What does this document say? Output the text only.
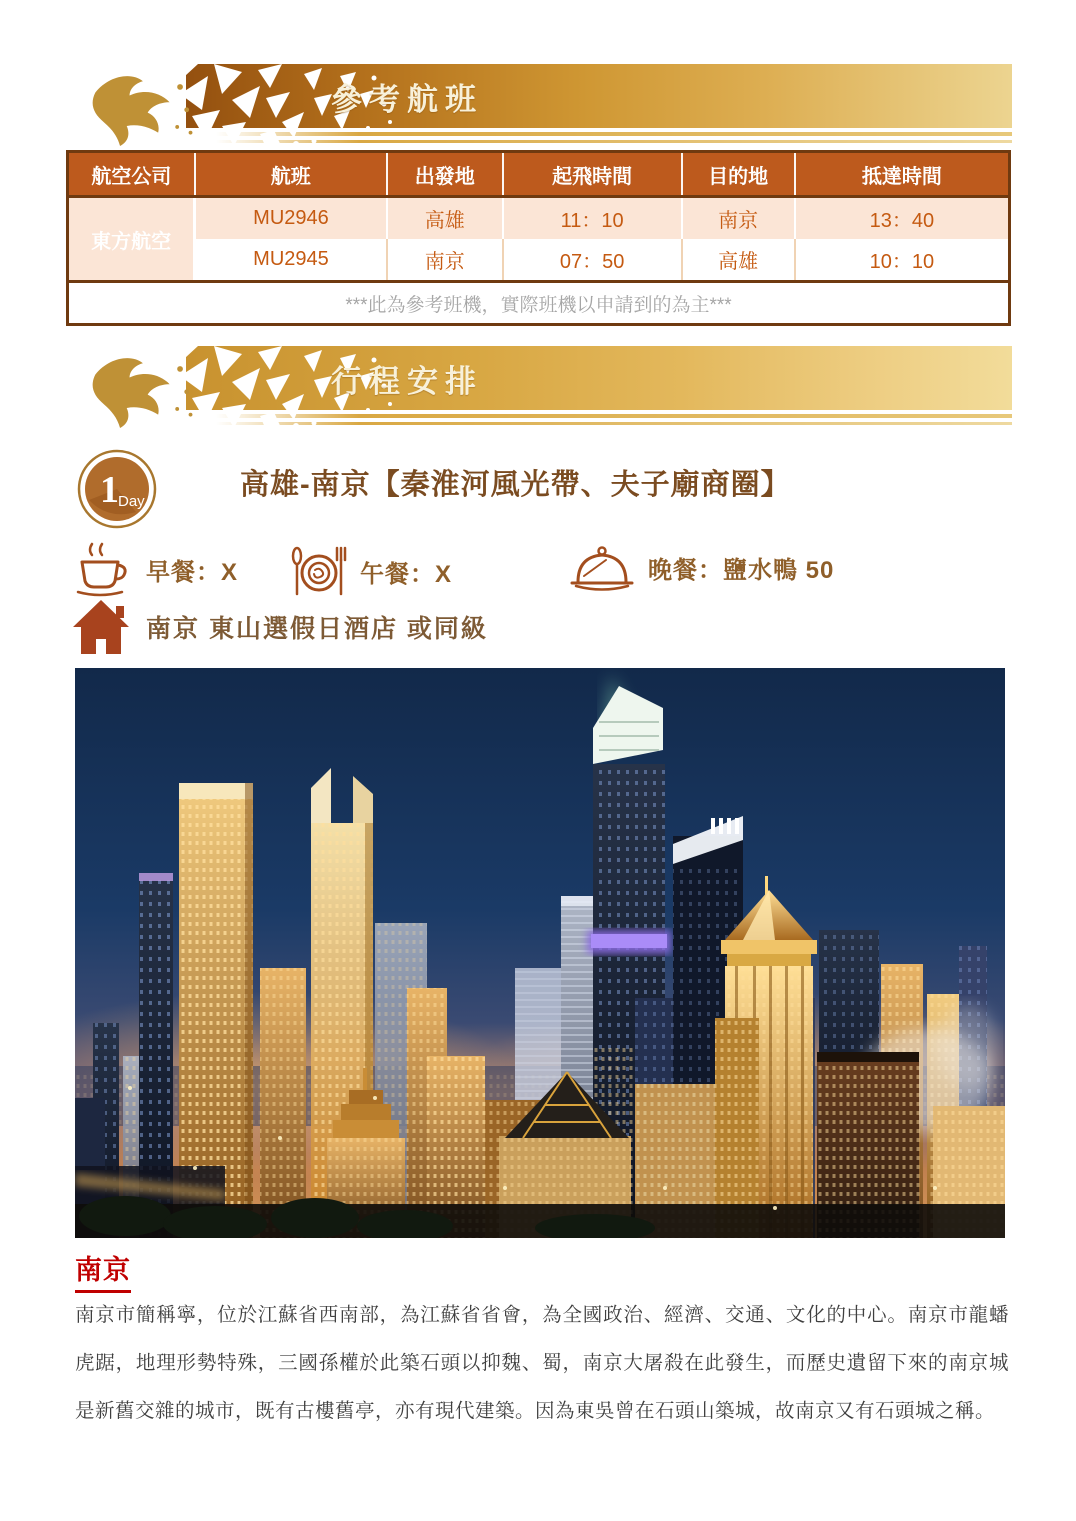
參考航班
航空公司	航班	出發地	起飛時間	目的地	抵達時間
東方航空	MU2946	高雄	11：10	南京	13：40
	MU2945	南京	07：50	高雄	10：10
***此為參考班機，實際班機以申請到的為主***					
行程安排
1 Day
高雄-南京【秦淮河風光帶、夫子廟商圈】
早餐：X	午餐：X	晚餐：鹽水鴨 50
南京 東山選假日酒店 或同級
南京
南京市簡稱寧，位於江蘇省西南部，為江蘇省省會，為全國政治、經濟、交通、文化的中心。南京市龍蟠虎踞，地理形勢特殊，三國孫權於此築石頭以抑魏、蜀，南京大屠殺在此發生，而歷史遺留下來的南京城是新舊交雜的城市，既有古樓舊亭，亦有現代建築。因為東吳曾在石頭山築城，故南京又有石頭城之稱。
